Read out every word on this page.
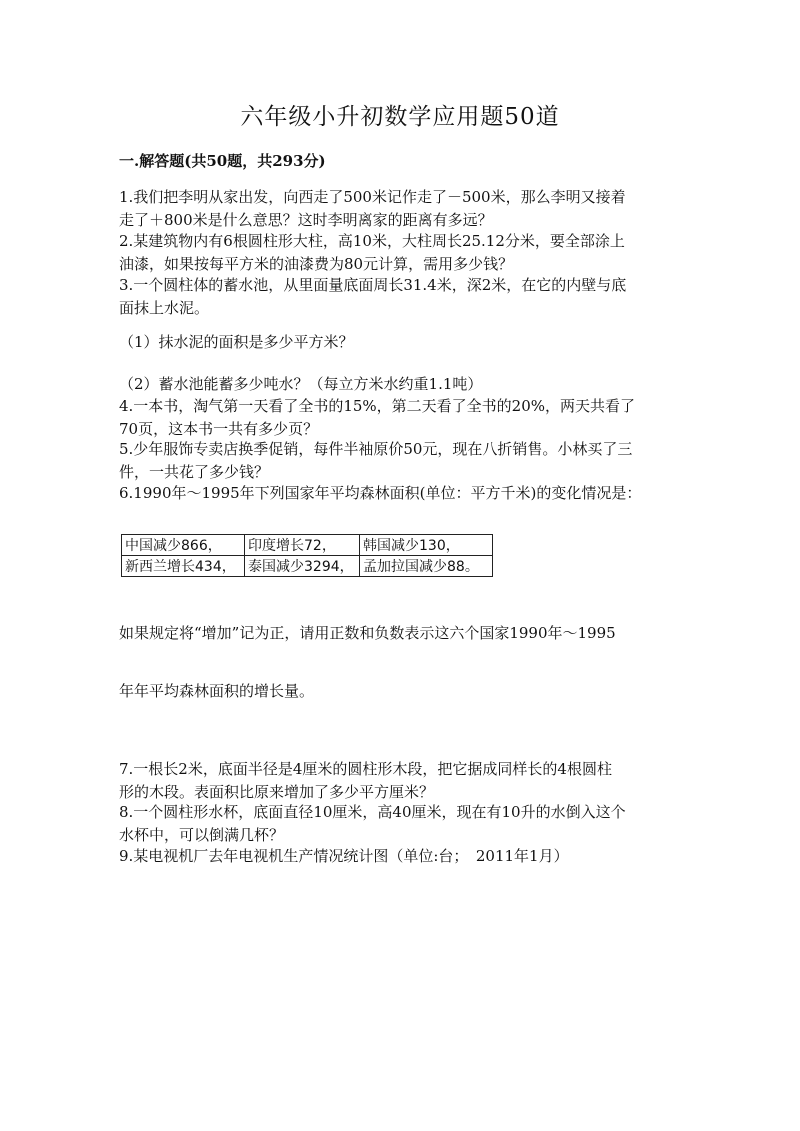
六年级小升初数学应用题50道
一.解答题(共50题，共293分)

1.我们把李明从家出发，向西走了500米记作走了－500米，那么李明又接着

走了＋800米是什么意思？这时李明离家的距离有多远？

2.某建筑物内有6根圆柱形大柱，高10米，大柱周长25.12分米，要全部涂上

油漆，如果按每平方米的油漆费为80元计算，需用多少钱？

3.一个圆柱体的蓄水池，从里面量底面周长31.4米，深2米，在它的内壁与底

面抹上水泥。

（1）抹水泥的面积是多少平方米？
（2）蓄水池能蓄多少吨水？（每立方米水约重1.1吨）

4.一本书，淘气第一天看了全书的15%，第二天看了全书的20%，两天共看了

70页，这本书一共有多少页？

5.少年服饰专卖店换季促销，每件半袖原价50元，现在八折销售。小林买了三

件，一共花了多少钱？

6.1990年～1995年下列国家年平均森林面积(单位：平方千米)的变化情况是：
中国减少866，	印度增长72，	韩国减少130，
新西兰增长434，	泰国减少3294，	孟加拉国减少88。
如果规定将“增加”记为正，请用正数和负数表示这六个国家1990年～1995
年年平均森林面积的增长量。

7.一根长2米，底面半径是4厘米的圆柱形木段，把它据成同样长的4根圆柱

形的木段。表面积比原来增加了多少平方厘米？

8.一个圆柱形水杯，底面直径10厘米，高40厘米，现在有10升的水倒入这个

水杯中，可以倒满几杯？

9.某电视机厂去年电视机生产情况统计图（单位:台；　2011年1月）
